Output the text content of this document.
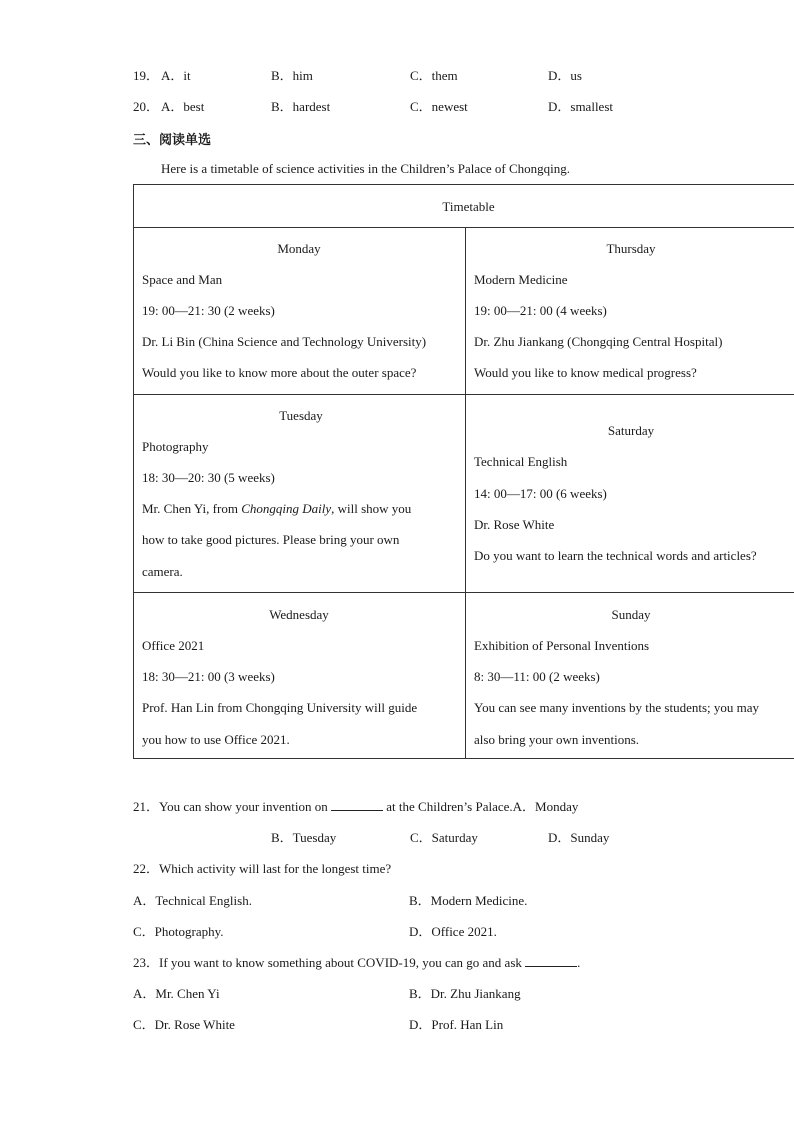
19． A．it	B．him	C．them	D．us
20． A．best	B．hardest	C．newest	D．smallest
三、阅读单选
Here is a timetable of science activities in the Children’s Palace of Chongqing.
Timetable
Monday
Space and Man
19: 00—21: 30 (2 weeks)
Dr. Li Bin (China Science and Technology University)
Would you like to know more about the outer space?
Thursday
Modern Medicine
19: 00—21: 00 (4 weeks)
Dr. Zhu Jiankang (Chongqing Central Hospital)
Would you like to know medical progress?
Tuesday
Photography
18: 30—20: 30 (5 weeks)
Mr. Chen Yi, from Chongqing Daily, will show you
how to take good pictures. Please bring your own
camera.
Saturday
Technical English
14: 00—17: 00 (6 weeks)
Dr. Rose White
Do you want to learn the technical words and articles?
Wednesday
Office 2021
18: 30—21: 00 (3 weeks)
Prof. Han Lin from Chongqing University will guide
you how to use Office 2021.
Sunday
Exhibition of Personal Inventions
8: 30—11: 00 (2 weeks)
You can see many inventions by the students; you may
also bring your own inventions.
21．You can show your invention on	at the Children’s Palace.A．Monday
B．Tuesday	C．Saturday	D．Sunday
22．Which activity will last for the longest time?
A．Technical English.	B．Modern Medicine.
C．Photography.	D．Office 2021.
23．If you want to know something about COVID-19, you can go and ask	.
A．Mr. Chen Yi	B．Dr. Zhu Jiankang
C．Dr. Rose White	D．Prof. Han Lin
